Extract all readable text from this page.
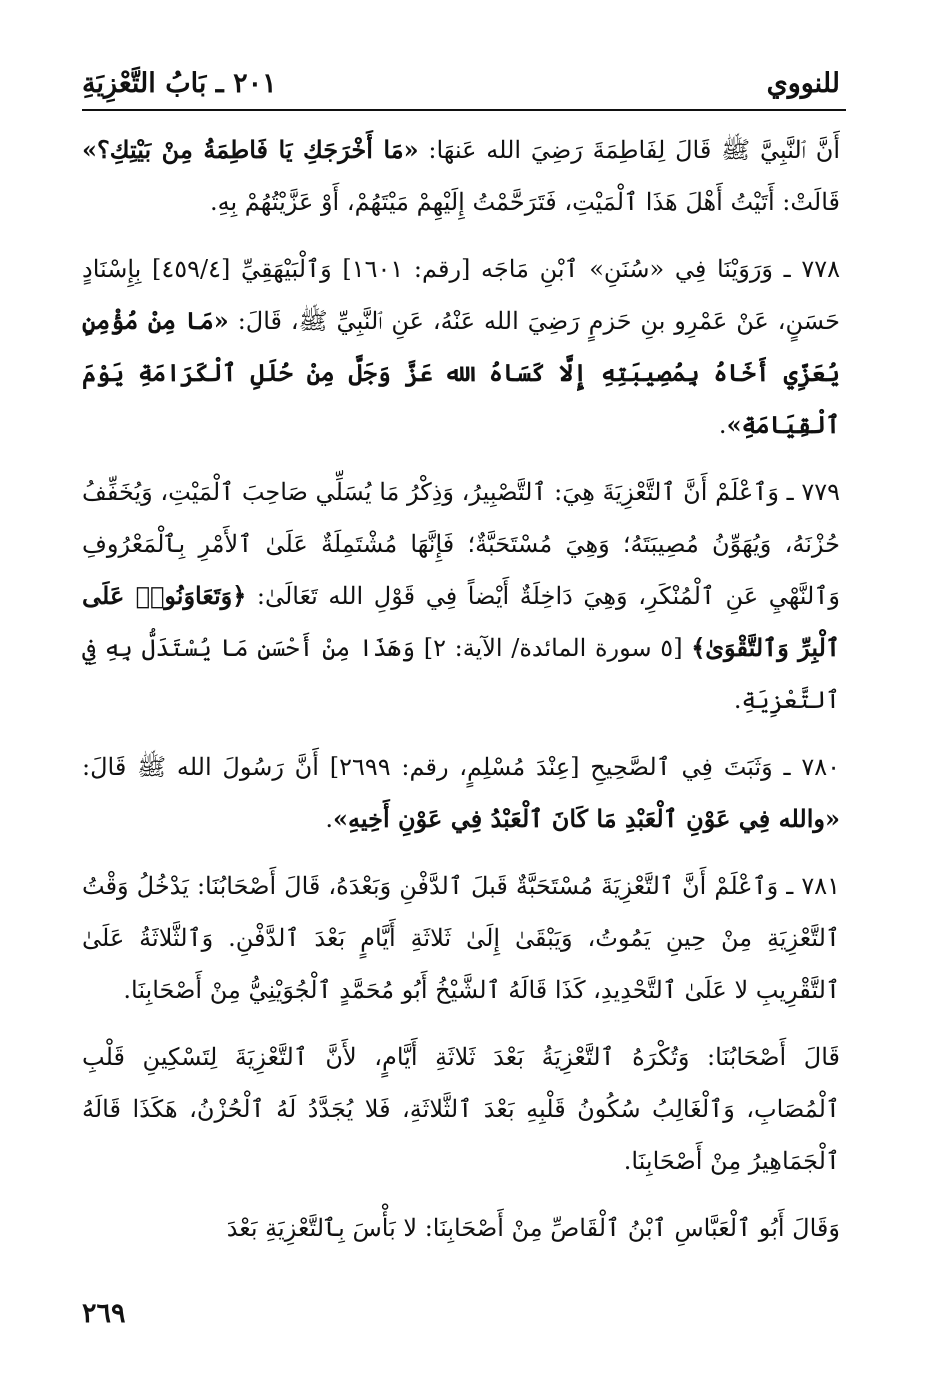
للنووي
٢٠١ ـ بَابُ التَّعْزِيَةِ

أَنَّ ٱلنَّبِيَّ ﷺ قَالَ لِفَاطِمَةَ رَضِيَ الله عَنهَا: «مَا أَخْرَجَكِ يَا فَاطِمَةُ مِنْ بَيْتِكِ؟» قَالَتْ: أَتَيْتُ أَهْلَ هَذَا ٱلْمَيْتِ، فَتَرَحَّمْتُ إِلَيْهِمْ مَيْتَهُمْ، أَوْ عَزَّيْتُهُمْ بِهِ.

٧٧٨ ـ وَرَوَيْنَا فِي «سُنَنِ» ٱبْنِ مَاجَه [رقم: ١٦٠١] وَٱلْبَيْهَقِيِّ [٤٥٩/٤] بِإِسْنَادٍ حَسَنٍ، عَنْ عَمْرِو بنِ حَزمٍ رَضِيَ الله عَنْهُ، عَنِ ٱلنَّبِيِّ ﷺ، قَالَ: «مَا مِنْ مُؤْمِنٍ يُعَزِّي أَخَاهُ بِمُصِيبَتِهِ إِلَّا كَسَاهُ الله عَزَّ وَجَلَّ مِنْ حُلَلِ ٱلْكَرَامَةِ يَوْمَ ٱلْقِيَامَةِ».

٧٧٩ ـ وَٱعْلَمْ أَنَّ ٱلتَّعْزِيَةَ هِيَ: ٱلتَّصْبِيرُ، وَذِكْرُ مَا يُسَلِّي صَاحِبَ ٱلْمَيْتِ، وَيُخَفِّفُ حُزْنَهُ، وَيُهَوِّنُ مُصِيبَتَهُ؛ وَهِيَ مُسْتَحَبَّةٌ؛ فَإِنَّهَا مُشْتَمِلَةٌ عَلَىٰ ٱلأَمْرِ بِٱلْمَعْرُوفِ وَٱلنَّهْيِ عَنِ ٱلْمُنْكَرِ، وَهِيَ دَاخِلَةٌ أَيْضاً فِي قَوْلِ الله تَعَالَىٰ: ﴿وَتَعَاوَنُوا۟ عَلَى ٱلْبِرِّ وَٱلتَّقْوَىٰ﴾ [٥ سورة المائدة/ الآية: ٢] وَهَذَا مِنْ أَحْسَنِ مَا يُسْتَدَلُّ بِهِ فِي ٱلتَّعْزِيَةِ.

٧٨٠ ـ وَثَبَتَ فِي ٱلصَّحِيحِ [عِنْدَ مُسْلِمٍ، رقم: ٢٦٩٩] أَنَّ رَسُولَ الله ﷺ قَالَ: «والله فِي عَوْنِ ٱلْعَبْدِ مَا كَانَ ٱلْعَبْدُ فِي عَوْنِ أَخِيهِ».

٧٨١ ـ وَٱعْلَمْ أَنَّ ٱلتَّعْزِيَةَ مُسْتَحَبَّةٌ قَبلَ ٱلدَّفْنِ وَبَعْدَهُ، قَالَ أَصْحَابُنَا: يَدْخُلُ وَقْتُ ٱلتَّعْزِيَةِ مِنْ حِينِ يَمُوتُ، وَيَبْقَىٰ إِلَىٰ ثَلاثَةِ أَيَّامٍ بَعْدَ ٱلدَّفْنِ. وَٱلثَّلاثَةُ عَلَىٰ ٱلتَّقْرِيبِ لا عَلَىٰ ٱلتَّحْدِيدِ، كَذَا قَالَهُ ٱلشَّيْخُ أَبُو مُحَمَّدٍ ٱلْجُوَيْنِيُّ مِنْ أَصْحَابِنَا.

قَالَ أَصْحَابُنَا: وَتُكْرَهُ ٱلتَّعْزِيَةُ بَعْدَ ثَلاثَةِ أَيَّامٍ، لأَنَّ ٱلتَّعْزِيَةَ لِتَسْكِينِ قَلْبِ ٱلْمُصَابِ، وَٱلْغَالِبُ سُكُونُ قَلْبِهِ بَعْدَ ٱلثَّلاثَةِ، فَلا يُجَدَّدُ لَهُ ٱلْحُزْنُ، هَكَذَا قَالَهُ ٱلْجَمَاهِيرُ مِنْ أَصْحَابِنَا.

وَقَالَ أَبُو ٱلْعَبَّاسِ ٱبْنُ ٱلْقَاصِّ مِنْ أَصْحَابِنَا: لا بَأْسَ بِٱلتَّعْزِيَةِ بَعْدَ

٢٦٩
